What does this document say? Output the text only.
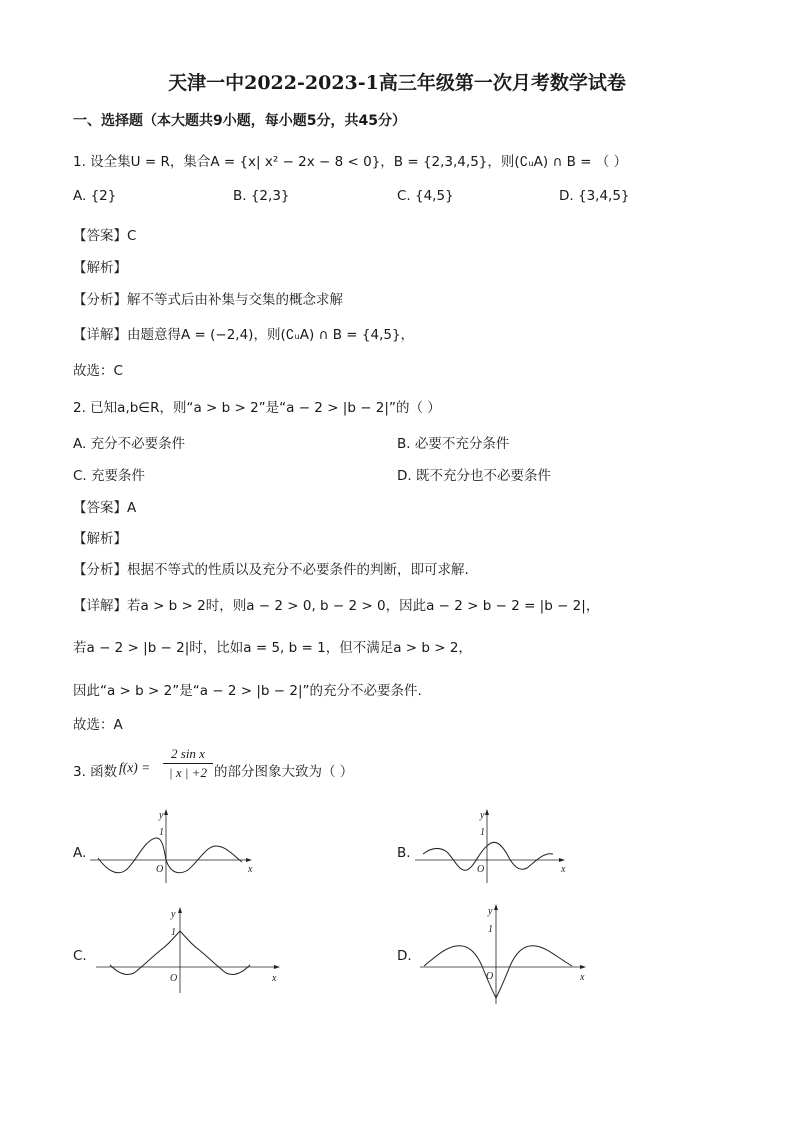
天津一中2022-2023-1高三年级第一次月考数学试卷
一、选择题（本大题共9小题，每小题5分，共45分）
1. 设全集U = R，集合A = {x| x² − 2x − 8 < 0}，B = {2,3,4,5}，则(∁ᵤA) ∩ B = （ ）
A. {2}	B. {2,3}	C. {4,5}	D. {3,4,5}
【答案】C
【解析】
【分析】解不等式后由补集与交集的概念求解
【详解】由题意得A = (−2,4)，则(∁ᵤA) ∩ B = {4,5}，
故选：C
2. 已知a,b∈R，则“a > b > 2”是“a − 2 > |b − 2|”的（ ）
A. 充分不必要条件	B. 必要不充分条件
C. 充要条件	D. 既不充分也不必要条件
【答案】A
【解析】
【分析】根据不等式的性质以及充分不必要条件的判断，即可求解.
【详解】若a > b > 2时，则a − 2 > 0, b − 2 > 0，因此a − 2 > b − 2 = |b − 2|，
若a − 2 > |b − 2|时，比如a = 5, b = 1，但不满足a > b > 2，
因此“a > b > 2”是“a − 2 > |b − 2|”的充分不必要条件.
故选：A
3. 函数 $f(x) = \frac{\text{2 sin x}}{| x | +2}$ 的部分图象大致为（ ）
A.
x
y
O
1
B.
x
y
O
1
C.
x
y
O
1
D.
x
y
O
1
